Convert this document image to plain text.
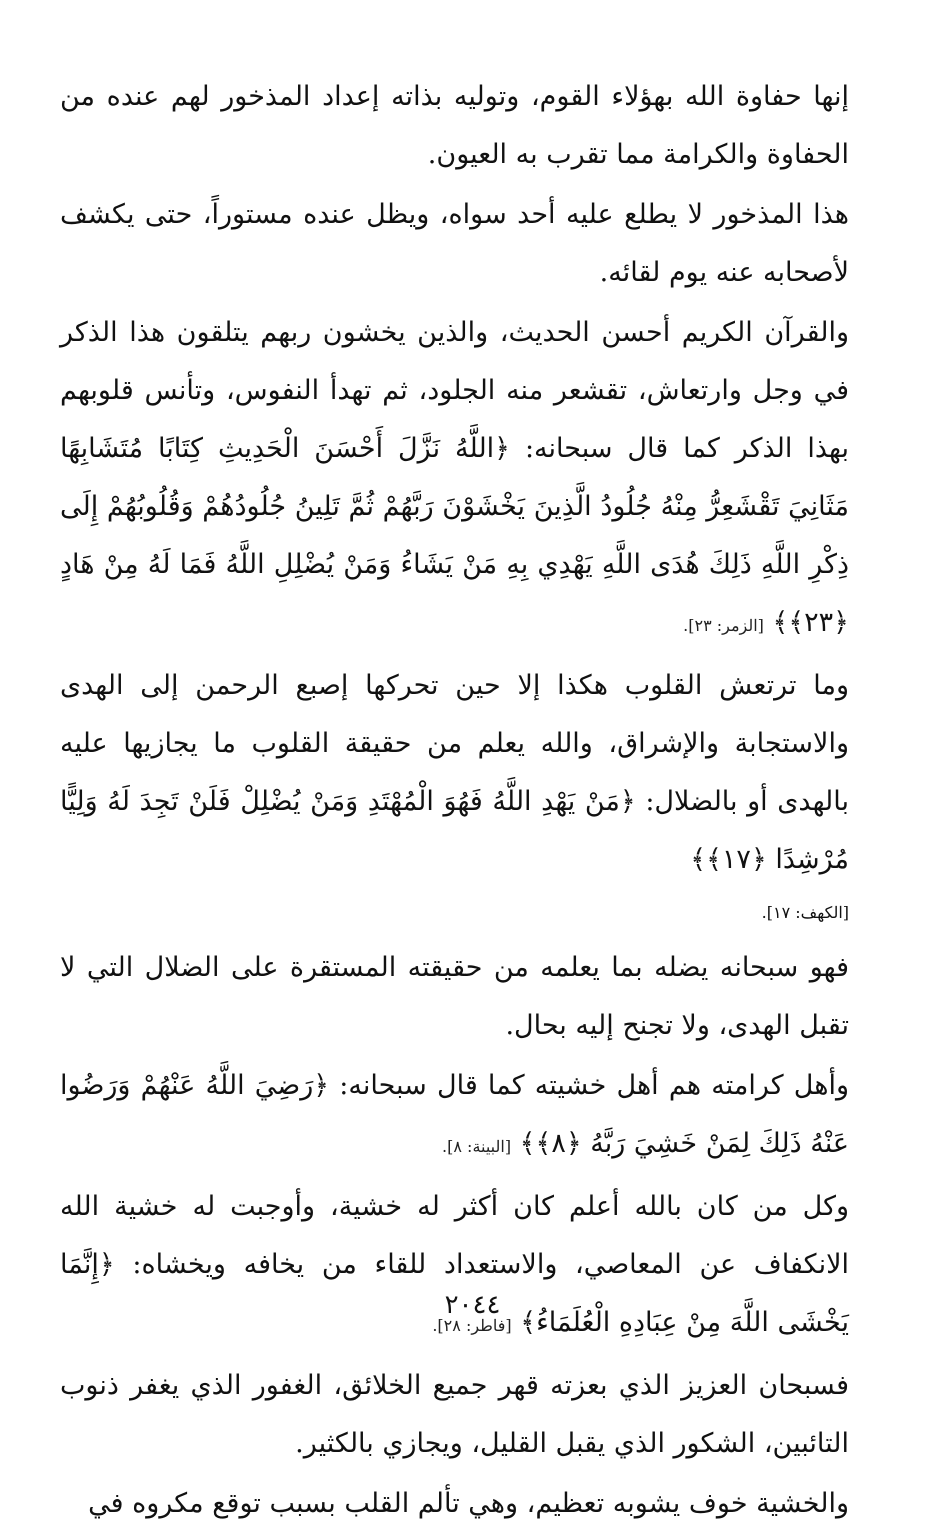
إنها حفاوة الله بهؤلاء القوم، وتوليه بذاته إعداد المذخور لهم عنده من الحفاوة والكرامة مما تقرب به العيون.

هذا المذخور لا يطلع عليه أحد سواه، ويظل عنده مستوراً، حتى يكشف لأصحابه عنه يوم لقائه.

والقرآن الكريم أحسن الحديث، والذين يخشون ربهم يتلقون هذا الذكر في وجل وارتعاش، تقشعر منه الجلود، ثم تهدأ النفوس، وتأنس قلوبهم بهذا الذكر كما قال سبحانه: ﴿اللَّهُ نَزَّلَ أَحْسَنَ الْحَدِيثِ كِتَابًا مُتَشَابِهًا مَثَانِيَ تَقْشَعِرُّ مِنْهُ جُلُودُ الَّذِينَ يَخْشَوْنَ رَبَّهُمْ ثُمَّ تَلِينُ جُلُودُهُمْ وَقُلُوبُهُمْ إِلَى ذِكْرِ اللَّهِ ذَلِكَ هُدَى اللَّهِ يَهْدِي بِهِ مَنْ يَشَاءُ وَمَنْ يُضْلِلِ اللَّهُ فَمَا لَهُ مِنْ هَادٍ ﴿٢٣﴾﴾ [الزمر: ٢٣].

وما ترتعش القلوب هكذا إلا حين تحركها إصبع الرحمن إلى الهدى والاستجابة والإشراق، والله يعلم من حقيقة القلوب ما يجازيها عليه بالهدى أو بالضلال: ﴿مَنْ يَهْدِ اللَّهُ فَهُوَ الْمُهْتَدِ وَمَنْ يُضْلِلْ فَلَنْ تَجِدَ لَهُ وَلِيًّا مُرْشِدًا ﴿١٧﴾﴾
[الكهف: ١٧].

فهو سبحانه يضله بما يعلمه من حقيقته المستقرة على الضلال التي لا تقبل الهدى، ولا تجنح إليه بحال.

وأهل كرامته هم أهل خشيته كما قال سبحانه: ﴿رَضِيَ اللَّهُ عَنْهُمْ وَرَضُوا عَنْهُ ذَلِكَ لِمَنْ خَشِيَ رَبَّهُ ﴿٨﴾﴾ [البينة: ٨].

وكل من كان بالله أعلم كان أكثر له خشية، وأوجبت له خشية الله الانكفاف عن المعاصي، والاستعداد للقاء من يخافه ويخشاه: ﴿إِنَّمَا يَخْشَى اللَّهَ مِنْ عِبَادِهِ الْعُلَمَاءُ﴾ [فاطر: ٢٨].

فسبحان العزيز الذي بعزته قهر جميع الخلائق، الغفور الذي يغفر ذنوب التائبين، الشكور الذي يقبل القليل، ويجازي بالكثير.

والخشية خوف يشوبه تعظيم، وهي تألم القلب بسبب توقع مكروه في

٢٠٤٤
